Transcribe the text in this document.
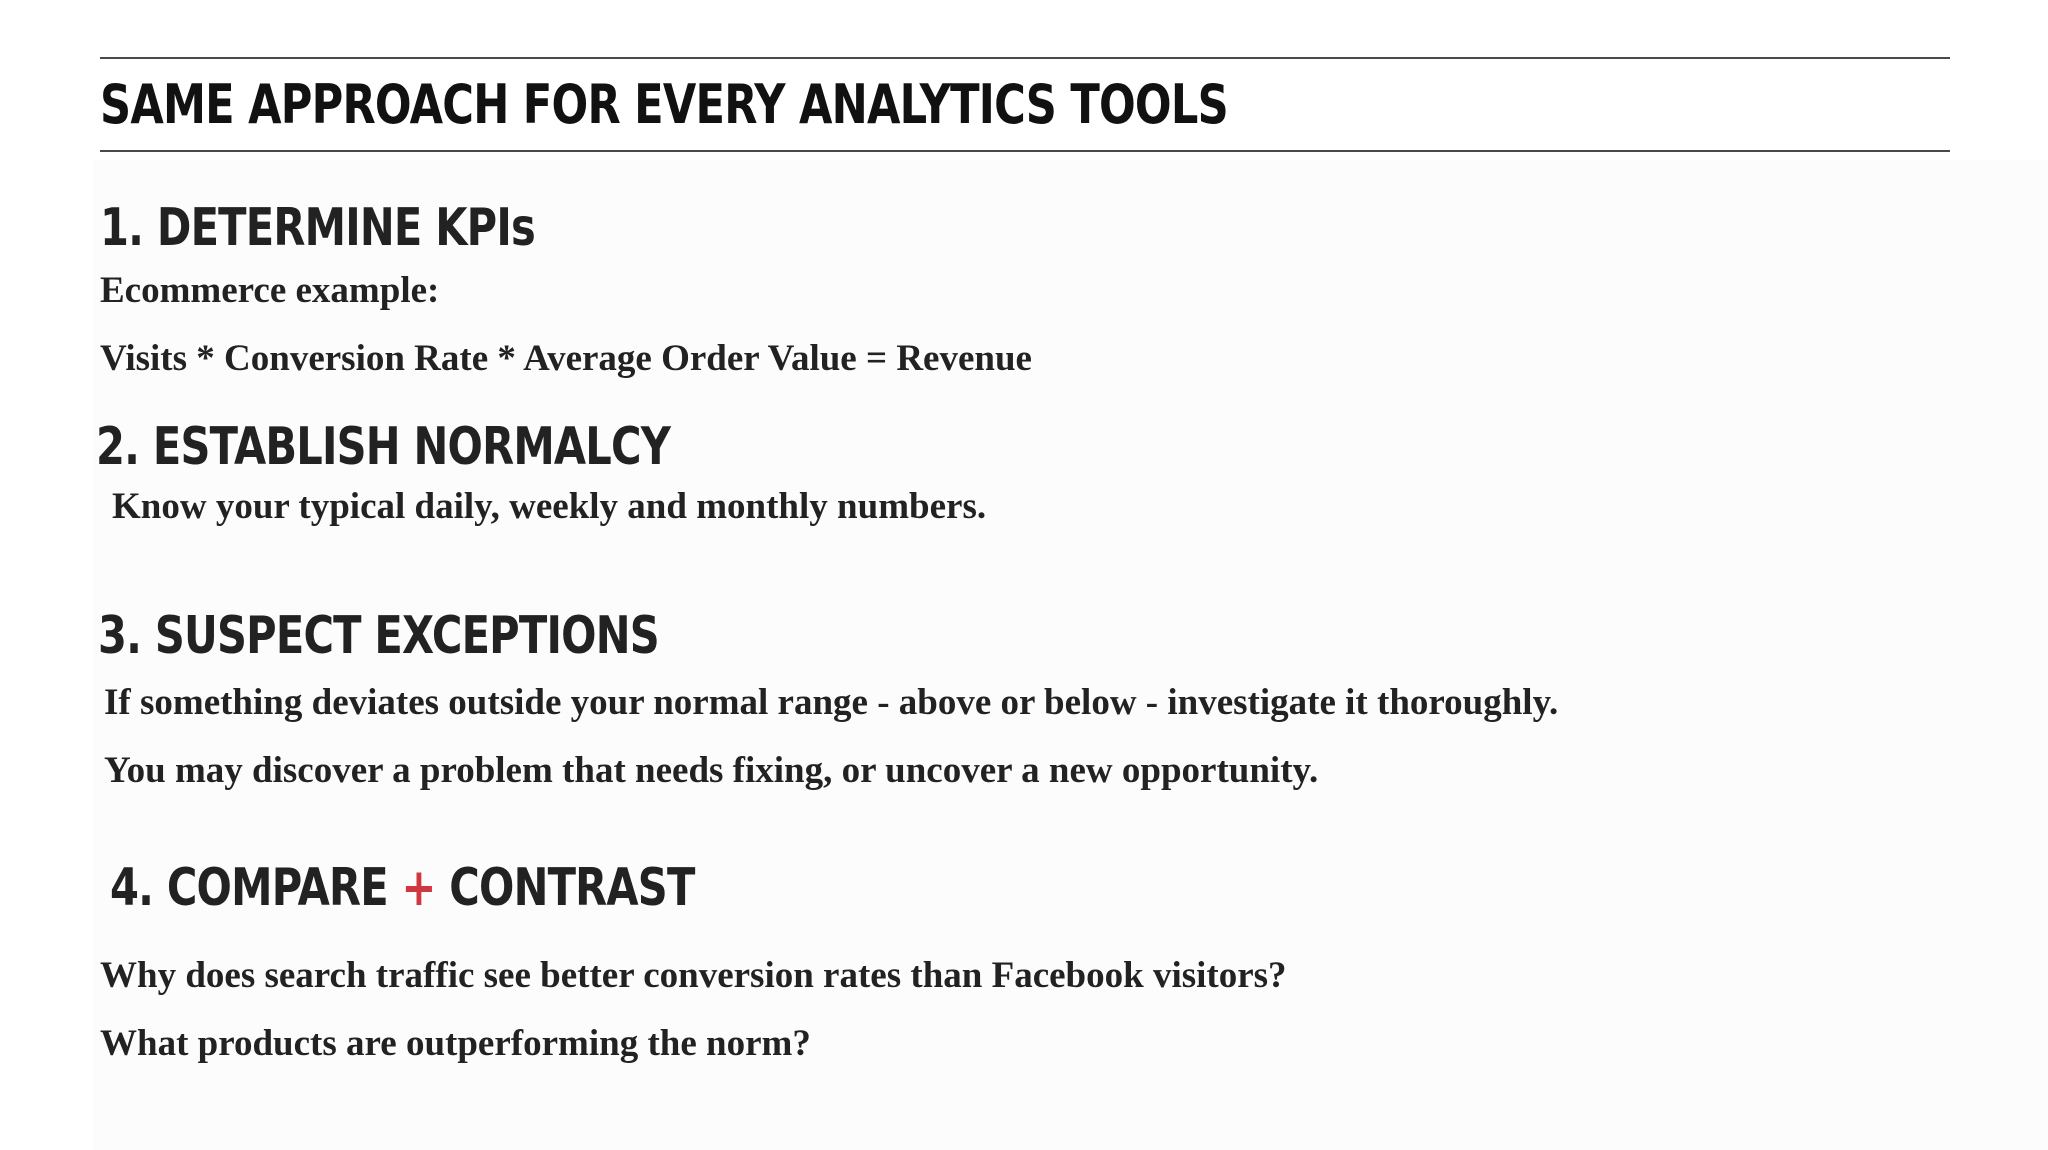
SAME APPROACH FOR EVERY ANALYTICS TOOLS
1. DETERMINE KPIs

Ecommerce example:

Visits * Conversion Rate * Average Order Value = Revenue

2. ESTABLISH NORMALCY

Know your typical daily, weekly and monthly numbers.

3. SUSPECT EXCEPTIONS

If something deviates outside your normal range - above or below - investigate it thoroughly.

You may discover a problem that needs fixing, or uncover a new opportunity.

4. COMPARE + CONTRAST

Why does search traffic see better conversion rates than Facebook visitors?

What products are outperforming the norm?
